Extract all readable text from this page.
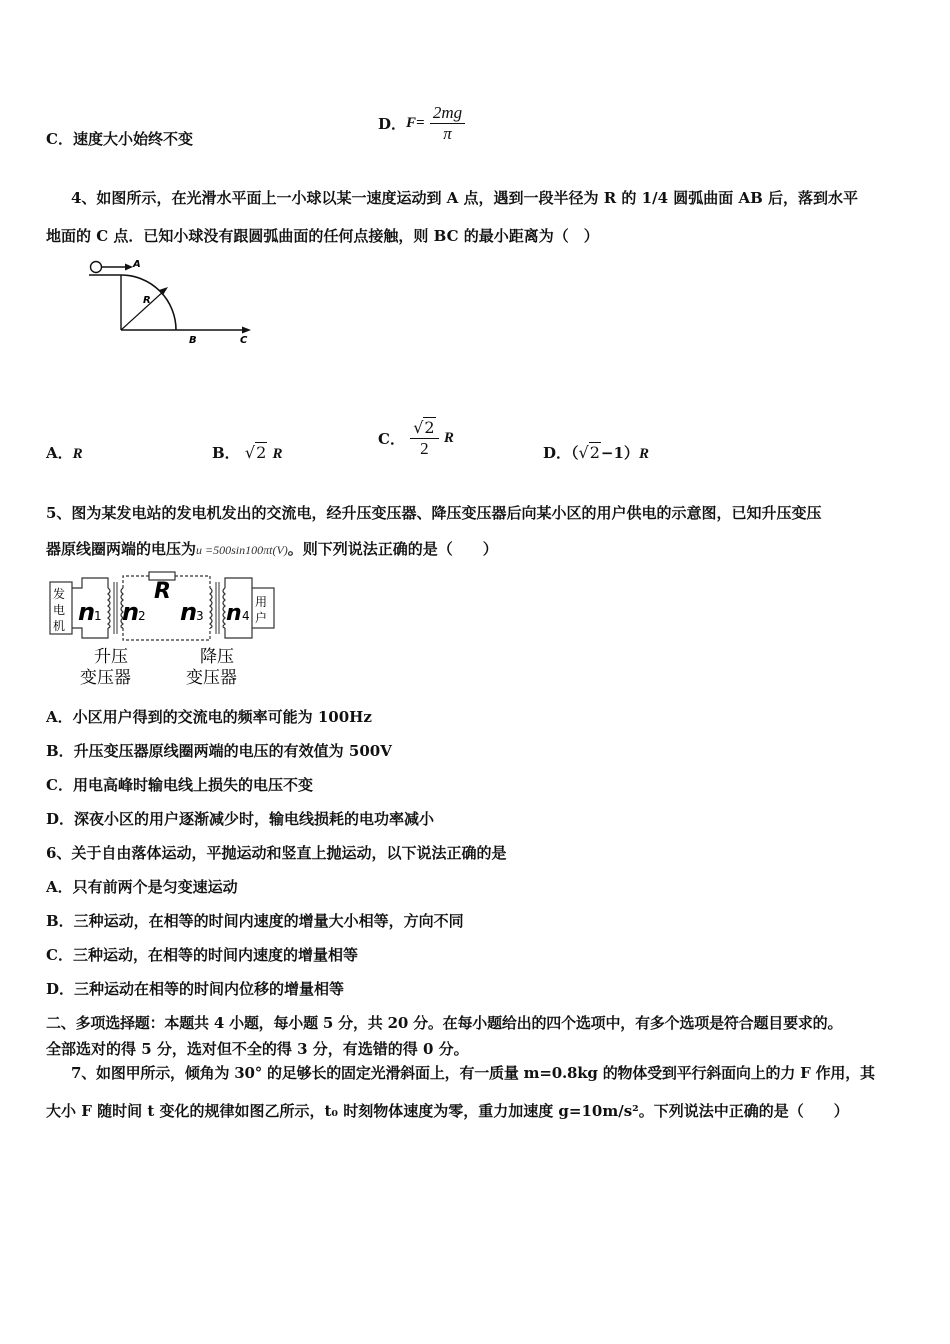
C．速度大小始终不变
D．$F= \frac{2mg}{\pi}$
4、如图所示，在光滑水平面上一小球以某一速度运动到 A 点，遇到一段半径为 R 的 1/4 圆弧曲面 AB 后，落到水平
地面的 C 点．已知小球没有跟圆弧曲面的任何点接触，则 BC 的最小距离为（　）
A
R
B	C
A．R	B． √2 R
C． $\frac{√2}{2}$ R
D．（√2−1）R
5、图为某发电站的发电机发出的交流电，经升压变压器、降压变压器后向某小区的用户供电的示意图，已知升压变压
器原线圈两端的电压为u =500sin100πt(V)。则下列说法正确的是（　　）
发
电
机 n
1
R
n
2 n
3 n 4
用
户
升压
变压器
降压
变压器
A．小区用户得到的交流电的频率可能为 100Hz
B．升压变压器原线圈两端的电压的有效值为 500V
C．用电高峰时输电线上损失的电压不变
D．深夜小区的用户逐渐减少时，输电线损耗的电功率减小
6、关于自由落体运动，平抛运动和竖直上抛运动，以下说法正确的是
A．只有前两个是匀变速运动
B．三种运动，在相等的时间内速度的增量大小相等，方向不同
C．三种运动，在相等的时间内速度的增量相等
D．三种运动在相等的时间内位移的增量相等
二、多项选择题：本题共 4 小题，每小题 5 分，共 20 分。在每小题给出的四个选项中，有多个选项是符合题目要求的。
全部选对的得 5 分，选对但不全的得 3 分，有选错的得 0 分。
7、如图甲所示，倾角为 30° 的足够长的固定光滑斜面上，有一质量 m=0.8kg 的物体受到平行斜面向上的力 F 作用，其
大小 F 随时间 t 变化的规律如图乙所示，t₀ 时刻物体速度为零，重力加速度 g=10m/s²。下列说法中正确的是（　　）
